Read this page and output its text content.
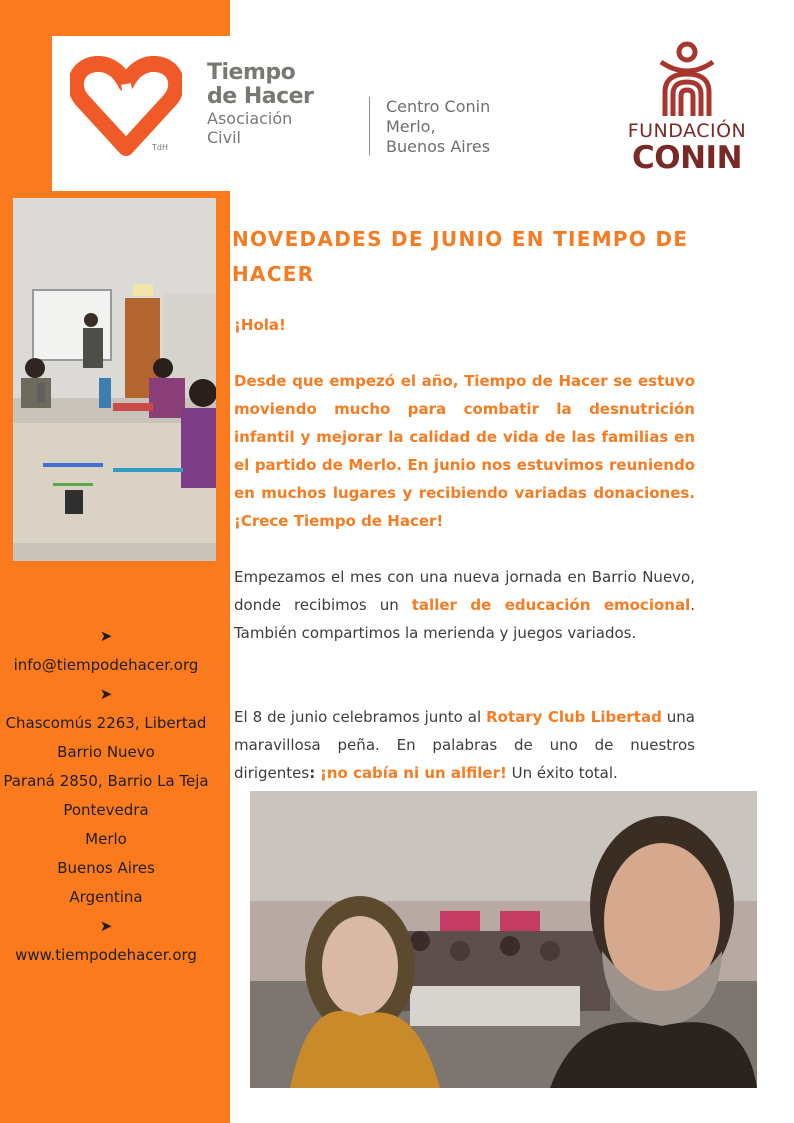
TdH
Tiempo
de Hacer
Asociación
Civil
Centro Conin
Merlo,
Buenos Aires
FUNDACIÓN
CONIN
➤
info@tiempodehacer.org
➤
Chascomús 2263, Libertad
Barrio Nuevo
Paraná 2850, Barrio La Teja
Pontevedra
Merlo
Buenos Aires
Argentina
➤
www.tiempodehacer.org
NOVEDADES DE JUNIO EN TIEMPO DE HACER
¡Hola!
Desde que empezó el año, Tiempo de Hacer se estuvo moviendo mucho para combatir la desnutrición infantil y mejorar la calidad de vida de las familias en el partido de Merlo. En junio nos estuvimos reuniendo en muchos lugares y recibiendo variadas donaciones. ¡Crece Tiempo de Hacer!
Empezamos el mes con una nueva jornada en Barrio Nuevo, donde recibimos un taller de educación emocional. También compartimos la merienda y juegos variados.
El 8 de junio celebramos junto al Rotary Club Libertad una maravillosa peña. En palabras de uno de nuestros dirigentes: ¡no cabía ni un alfiler! Un éxito total.
